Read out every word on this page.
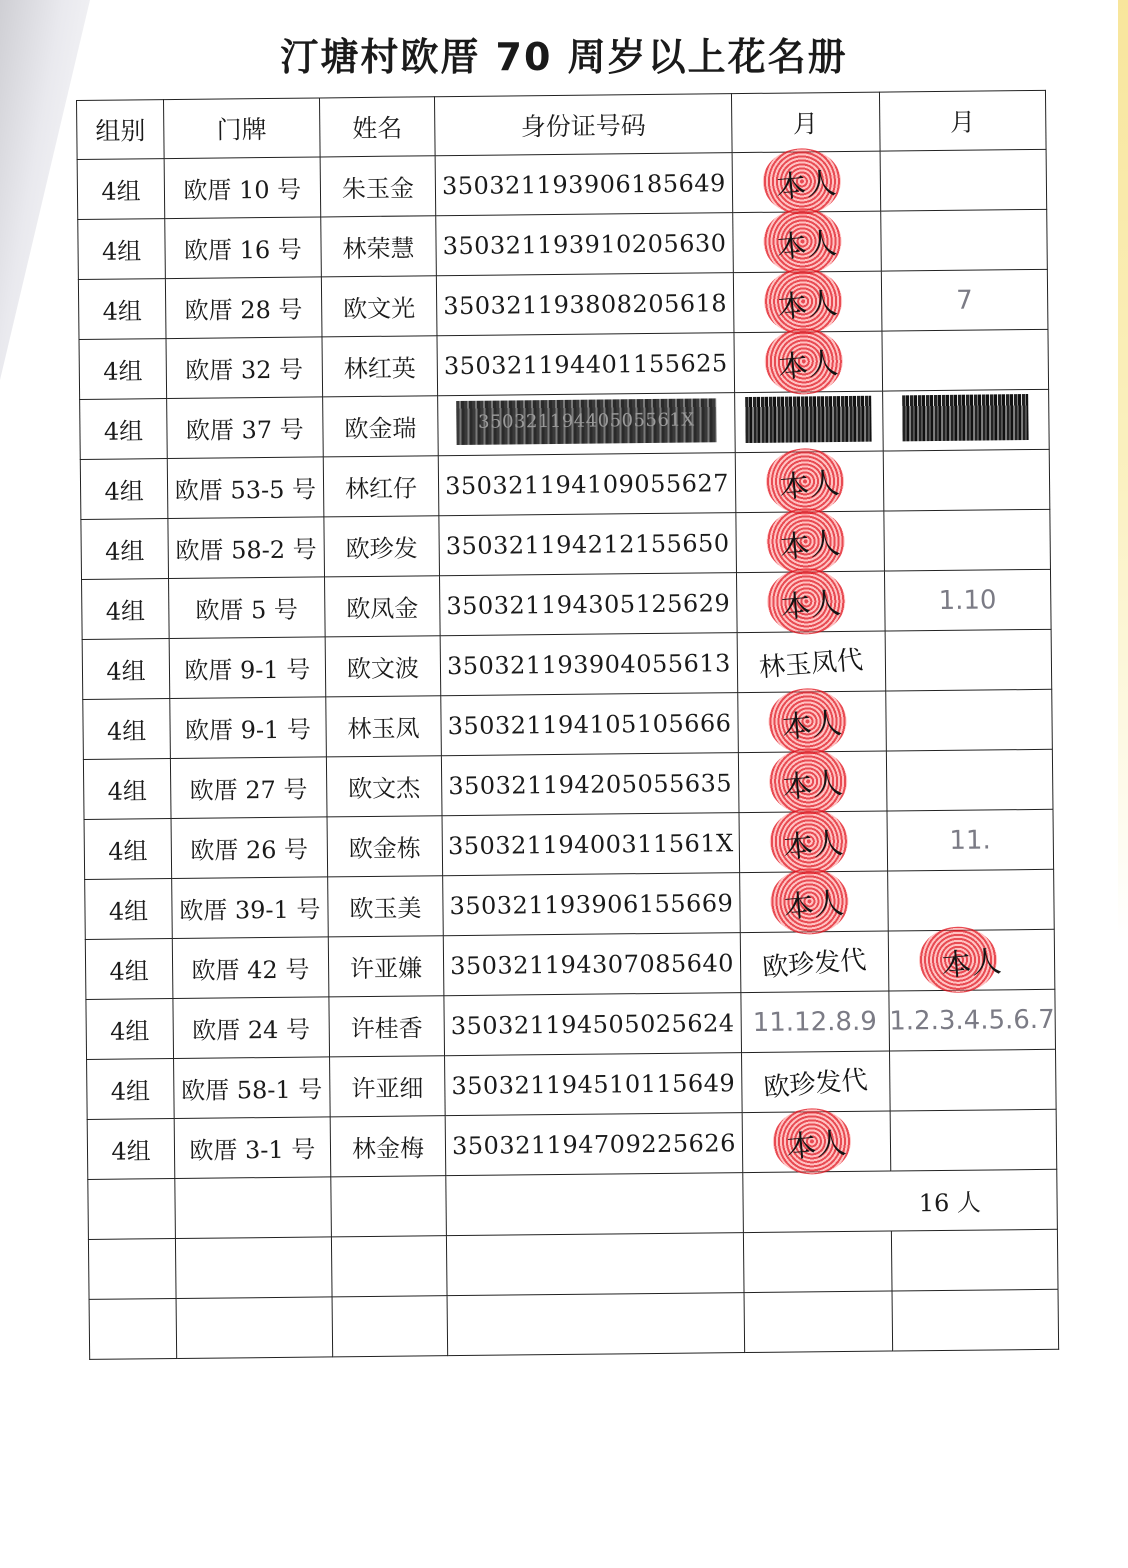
汀塘村欧厝 70 周岁以上花名册
组别	门牌	姓名	身份证号码	月	月
4组	欧厝 10 号	朱玉金	350321193906185649	本人	
4组	欧厝 16 号	林荣慧	350321193910205630	本人	
4组	欧厝 28 号	欧文光	350321193808205618	本人	7
4组	欧厝 32 号	林红英	350321194401155625	本人	
4组	欧厝 37 号	欧金瑞	35032119440505561X		
4组	欧厝 53-5 号	林红仔	350321194109055627	本人	
4组	欧厝 58-2 号	欧珍发	350321194212155650	本人	
4组	欧厝 5 号	欧凤金	350321194305125629	本人	1.10
4组	欧厝 9-1 号	欧文波	350321193904055613	林玉凤代	
4组	欧厝 9-1 号	林玉凤	350321194105105666	本人	
4组	欧厝 27 号	欧文杰	350321194205055635	本人	
4组	欧厝 26 号	欧金栋	35032119400311561X	本人	11.
4组	欧厝 39-1 号	欧玉美	350321193906155669	本人	
4组	欧厝 42 号	许亚嫌	350321194307085640	欧珍发代	本人
4组	欧厝 24 号	许桂香	350321194505025624	11.12.8.9	1.2.3.4.5.6.7
4组	欧厝 58-1 号	许亚细	350321194510115649	欧珍发代	
4组	欧厝 3-1 号	林金梅	350321194709225626	本人	
				16 人	
